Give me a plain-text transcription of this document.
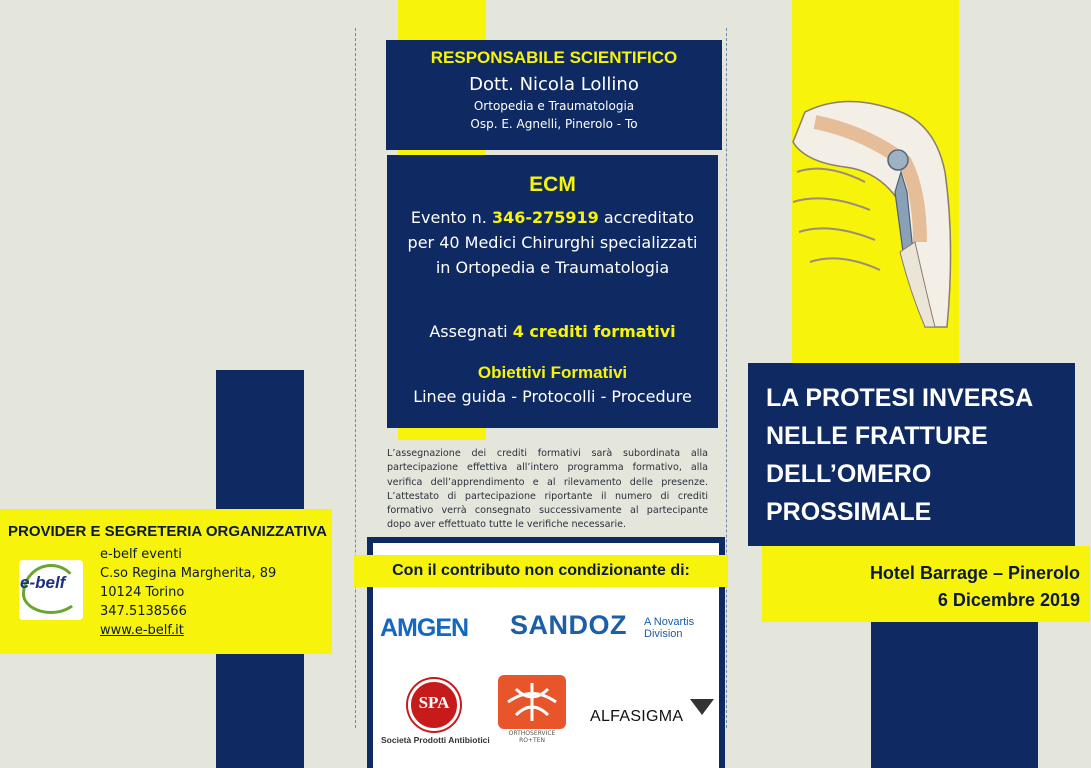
RESPONSABILE SCIENTIFICO
Dott. Nicola Lollino
Ortopedia e Traumatologia
Osp. E. Agnelli, Pinerolo - To
ECM
Evento n. 346-275919 accreditato
per 40 Medici Chirurghi specializzati
in Ortopedia e Traumatologia
Assegnati 4 crediti formativi
Obiettivi Formativi
Linee guida - Protocolli - Procedure
L’assegnazione dei crediti formativi sarà subordinata alla partecipazione effettiva all’intero programma formativo, alla verifica dell’apprendimento e al rilevamento delle presenze. L’attestato di partecipazione riportante il numero di crediti formativo verrà consegnato successivamente al partecipante dopo aver effettuato tutte le verifiche necessarie.
Con il contributo non condizionante di:
AMGEN SANDOZ A Novartis
Division
SPA
Società Prodotti Antibiotici
ORTHOSERVICE
RO+TEN
ALFASIGMA
PROVIDER E SEGRETERIA ORGANIZZATIVA
e-belf
e-belf eventi
C.so Regina Margherita, 89
10124 Torino
347.5138566
www.e-belf.it
LA PROTESI INVERSA
NELLE FRATTURE
DELL’OMERO
PROSSIMALE
Hotel Barrage – Pinerolo
6 Dicembre 2019
